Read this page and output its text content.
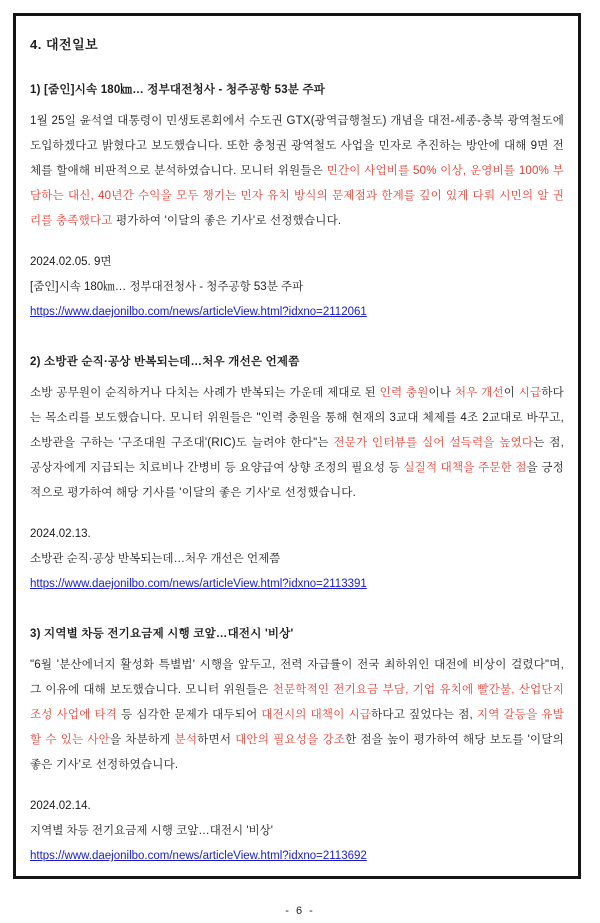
4. 대전일보
1) [줌인]시속 180㎞… 정부대전청사 - 청주공항 53분 주파
1월 25일 윤석열 대통령이 민생토론회에서 수도권 GTX(광역급행철도) 개념을 대전-세종-충북 광역철도에 도입하겠다고 밝혔다고 보도했습니다. 또한 충청권 광역철도 사업을 민자로 추진하는 방안에 대해 9면 전체를 할애해 비판적으로 분석하였습니다. 모니터 위원들은 민간이 사업비를 50% 이상, 운영비를 100% 부담하는 대신, 40년간 수익을 모두 챙기는 민자 유치 방식의 문제점과 한계를 깊이 있게 다뤄 시민의 알 권리를 충족했다고 평가하여 '이달의 좋은 기사'로 선정했습니다.
2024.02.05. 9면
[줌인]시속 180㎞… 정부대전청사 - 청주공항 53분 주파
https://www.daejonilbo.com/news/articleView.html?idxno=2112061
2) 소방관 순직·공상 반복되는데…처우 개선은 언제쯤
소방 공무원이 순직하거나 다치는 사례가 반복되는 가운데 제대로 된 인력 충원이나 처우 개선이 시급하다는 목소리를 보도했습니다. 모니터 위원들은 "인력 충원을 통해 현재의 3교대 체제를 4조 2교대로 바꾸고, 소방관을 구하는 '구조대원 구조대'(RIC)도 늘려야 한다"는 전문가 인터뷰를 실어 설득력을 높였다는 점, 공상자에게 지급되는 치료비나 간병비 등 요양급여 상향 조정의 필요성 등 실질적 대책을 주문한 점을 긍정적으로 평가하여 해당 기사를 '이달의 좋은 기사'로 선정했습니다.
2024.02.13.
소방관 순직·공상 반복되는데…처우 개선은 언제쯤
https://www.daejonilbo.com/news/articleView.html?idxno=2113391
3) 지역별 차등 전기요금제 시행 코앞…대전시 '비상'
"6월 '분산에너지 활성화 특별법' 시행을 앞두고, 전력 자급률이 전국 최하위인 대전에 비상이 걸렸다"며, 그 이유에 대해 보도했습니다. 모니터 위원들은 천문학적인 전기요금 부담, 기업 유치에 빨간불, 산업단지 조성 사업에 타격 등 심각한 문제가 대두되어 대전시의 대책이 시급하다고 짚었다는 점, 지역 갈등을 유발할 수 있는 사안을 차분하게 분석하면서 대안의 필요성을 강조한 점을 높이 평가하여 해당 보도를 '이달의 좋은 기사'로 선정하였습니다.
2024.02.14.
지역별 차등 전기요금제 시행 코앞…대전시 '비상'
https://www.daejonilbo.com/news/articleView.html?idxno=2113692
- 6 -
